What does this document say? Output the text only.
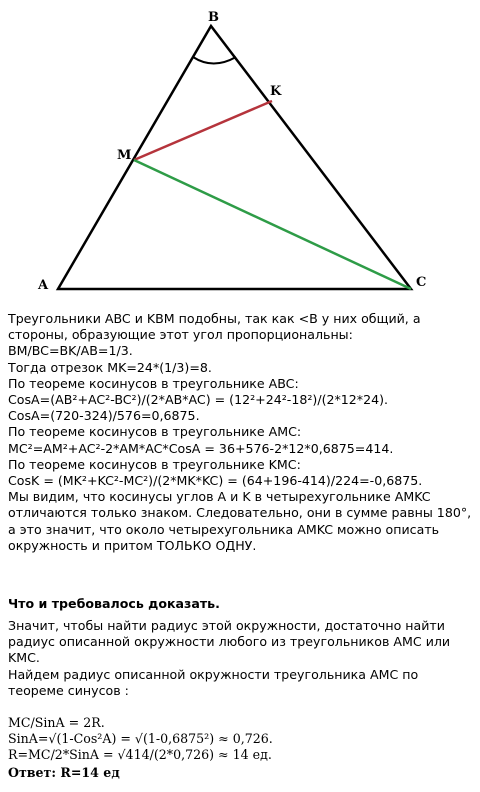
B
K
M
A	C

Треугольники ABC и KBM подобны, так как <B у них общий, а стороны, образующие этот угол пропорциональны:
BM/BC=BK/AB=1/3.
Тогда отрезок MK=24*(1/3)=8.
По теореме косинусов в треугольнике ABC:
CosA=(AB²+AC²-BC²)/(2*AB*AC) = (12²+24²-18²)/(2*12*24).
CosA=(720-324)/576=0,6875.
По теореме косинусов в треугольнике AMC:
MC²=AM²+AC²-2*AM*AC*CosA = 36+576-2*12*0,6875=414.
По теореме косинусов в треугольнике KMC:
CosK = (MK²+KC²-MC²)/(2*MK*KC) = (64+196-414)/224=-0,6875.
Мы видим, что косинусы углов A и K в четырехугольнике AMKC отличаются только знаком. Следовательно, они в сумме равны 180°, а это значит, что около четырехугольника AMKC можно описать окружность и притом ТОЛЬКО ОДНУ.

Что и требовалось доказать.

Значит, чтобы найти радиус этой окружности, достаточно найти радиус описанной окружности любого из треугольников AMC или KMC.
Найдем радиус описанной окружности треугольника AMC по теореме синусов :

MC/SinA = 2R.
SinA=√(1-Cos²A) = √(1-0,6875²) ≈ 0,726.
R=MC/2*SinA = √414/(2*0,726) ≈ 14 ед.

Ответ: R=14 ед
